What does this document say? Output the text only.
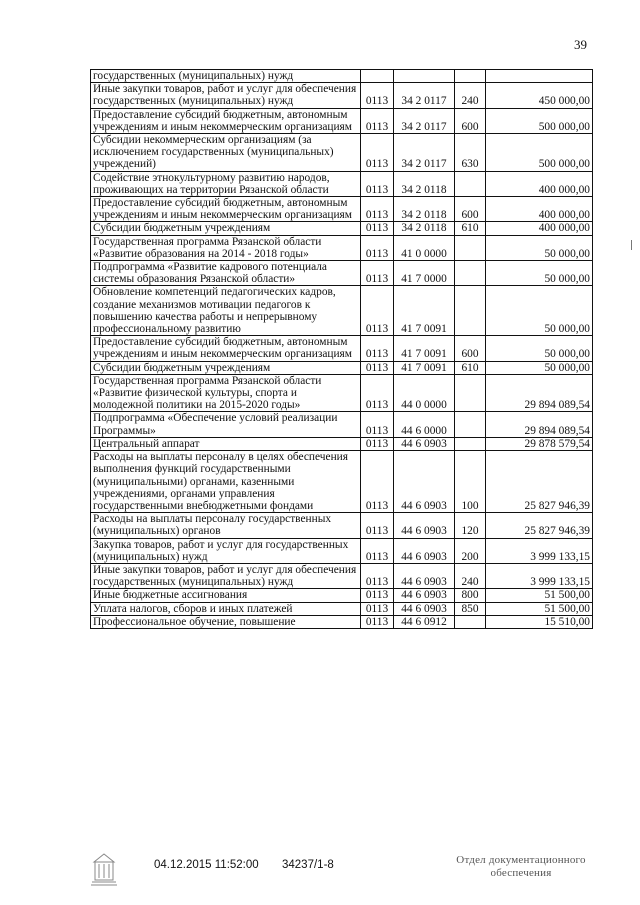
39
государственных (муниципальных) нужд				
Иные закупки товаров, работ и услуг для обеспечения государственных (муниципальных) нужд	0113	34 2 0117	240	450 000,00
Предоставление субсидий бюджетным, автономным учреждениям и иным некоммерческим организациям	0113	34 2 0117	600	500 000,00
Субсидии некоммерческим организациям (за исключением государственных (муниципальных) учреждений)	0113	34 2 0117	630	500 000,00
Содействие этнокультурному развитию народов, проживающих на территории Рязанской области	0113	34 2 0118		400 000,00
Предоставление субсидий бюджетным, автономным учреждениям и иным некоммерческим организациям	0113	34 2 0118	600	400 000,00
Субсидии бюджетным учреждениям	0113	34 2 0118	610	400 000,00
Государственная программа Рязанской области «Развитие образования на 2014 - 2018 годы»	0113	41 0 0000		50 000,00
Подпрограмма «Развитие кадрового потенциала системы образования Рязанской области»	0113	41 7 0000		50 000,00
Обновление компетенций педагогических кадров, создание механизмов мотивации педагогов к повышению качества работы и непрерывному профессиональному развитию	0113	41 7 0091		50 000,00
Предоставление субсидий бюджетным, автономным учреждениям и иным некоммерческим организациям	0113	41 7 0091	600	50 000,00
Субсидии бюджетным учреждениям	0113	41 7 0091	610	50 000,00
Государственная программа Рязанской области «Развитие физической культуры, спорта и молодежной политики на 2015-2020 годы»	0113	44 0 0000		29 894 089,54
Подпрограмма «Обеспечение условий реализации Программы»	0113	44 6 0000		29 894 089,54
Центральный аппарат	0113	44 6 0903		29 878 579,54
Расходы на выплаты персоналу в целях обеспечения выполнения функций государственными (муниципальными) органами, казенными учреждениями, органами управления государственными внебюджетными фондами	0113	44 6 0903	100	25 827 946,39
Расходы на выплаты персоналу государственных (муниципальных) органов	0113	44 6 0903	120	25 827 946,39
Закупка товаров, работ и услуг для государственных (муниципальных) нужд	0113	44 6 0903	200	3 999 133,15
Иные закупки товаров, работ и услуг для обеспечения государственных (муниципальных) нужд	0113	44 6 0903	240	3 999 133,15
Иные бюджетные ассигнования	0113	44 6 0903	800	51 500,00
Уплата налогов, сборов и иных платежей	0113	44 6 0903	850	51 500,00
Профессиональное обучение, повышение	0113	44 6 0912		15 510,00
04.12.2015 11:52:00 34237/1-8	Отдел документационного
обеспечения
